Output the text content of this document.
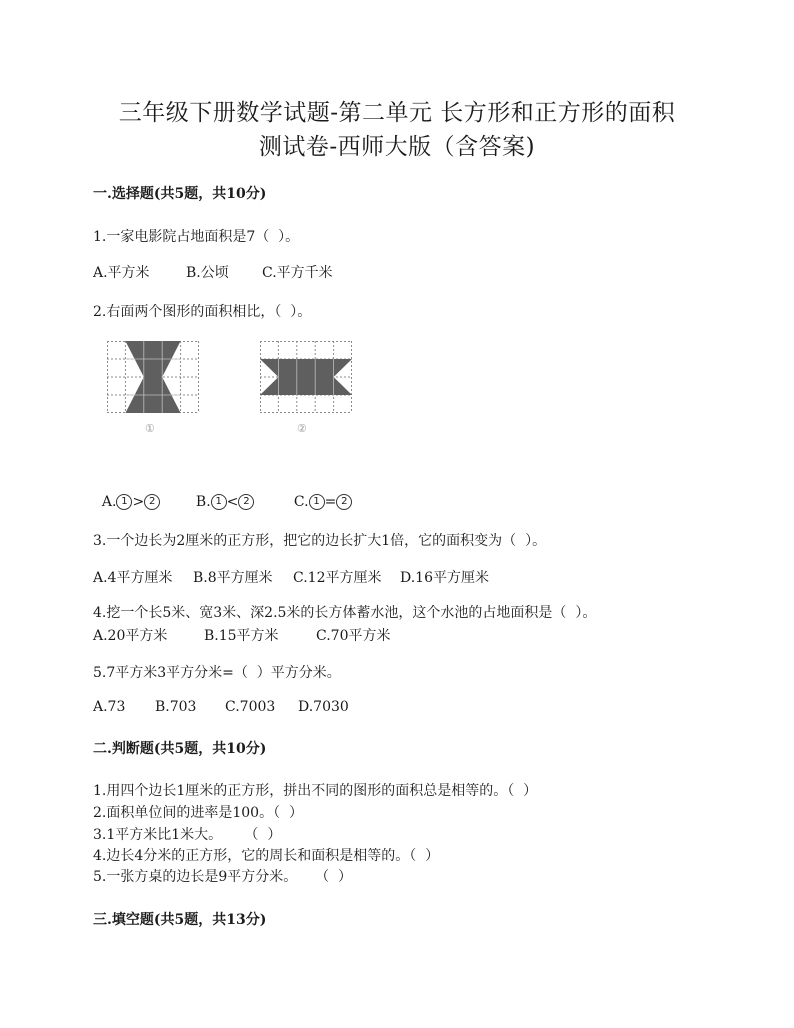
三年级下册数学试题-第二单元 长方形和正方形的面积
测试卷-西师大版（含答案)
一.选择题(共5题，共10分)
1.一家电影院占地面积是7（  ）。
A.平方米	B.公顷 C.平方千米
2.右面两个图形的面积相比，（  ）。
①	②

A. 1 > 2	B. 1 < 2	C. 1 = 2

3.一个边长为2厘米的正方形，把它的边长扩大1倍，它的面积变为（  ）。
A.4平方厘米 B.8平方厘米 C.12平方厘米 D.16平方厘米
4.挖一个长5米、宽3米、深2.5米的长方体蓄水池，这个水池的占地面积是（  ）。
A.20平方米	B.15平方米	C.70平方米
5.7平方米3平方分米=（  ）平方分米。
A.73 B.703 C.7003 D.7030
二.判断题(共5题，共10分)
1.用四个边长1厘米的正方形，拼出不同的图形的面积总是相等的。（  ）
2.面积单位间的进率是100。（  ）
3.1平方米比1米大。     （  ）
4.边长4分米的正方形，它的周长和面积是相等的。（  ）
5.一张方桌的边长是9平方分米。    （  ）
三.填空题(共5题，共13分)
